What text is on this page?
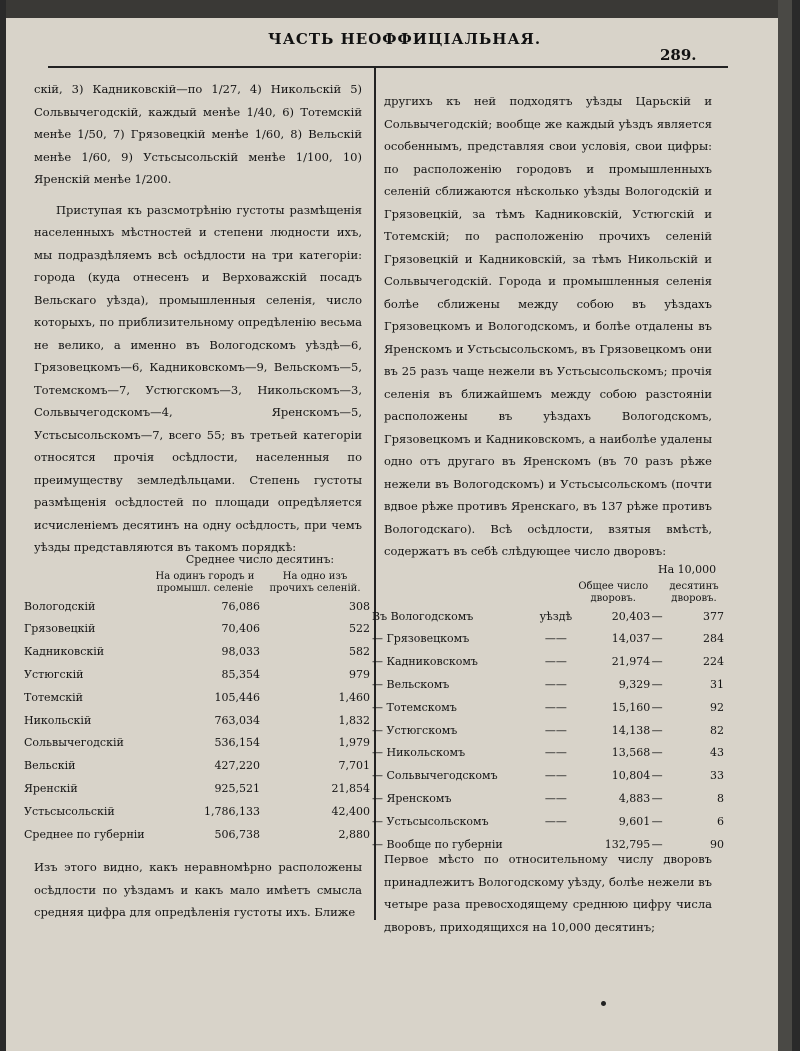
ЧАСТЬ НЕОФФИЦІАЛЬНАЯ.
289.

скій, 3) Кадниковскій—по 1/27, 4) Никольскій 5) Сольвычегодскій, каждый менѣе 1/40, 6) Тотемскій менѣе 1/50, 7) Грязовецкій менѣе 1/60, 8) Вельскій менѣе 1/60, 9) Устьсысольскій менѣе 1/100, 10) Яренскій менѣе 1/200.

Приступая къ разсмотрѣнію густоты размѣщенія населенныхъ мѣстностей и степени людности ихъ, мы подраздѣляемъ всѣ осѣдлости на три категоріи: города (куда отнесенъ и Верховажскій посадъ Вельскаго уѣзда), промышленныя селенія, число которыхъ, по приблизительному опредѣленію весьма не велико, а именно въ Вологодскомъ уѣздѣ—6, Грязовецкомъ—6, Кадниковскомъ—9, Вельскомъ—5, Тотемскомъ—7, Устюгскомъ—3, Никольскомъ—3, Сольвычегодскомъ—4, Яренскомъ—5, Устьсысольскомъ—7, всего 55; въ третьей категоріи относятся прочія осѣдлости, населенныя по преимуществу земледѣльцами. Степень густоты размѣщенія осѣдлостей по площади опредѣляется исчисленіемъ десятинъ на одну осѣдлость, при чемъ уѣзды представляются въ такомъ порядкѣ:

	Среднее число десятинъ:	
	На одинъ городъ и промышл. селеніе	На одно изъ прочихъ селеній.
Вологодскій	76,086	308
Грязовецкій	70,406	522
Кадниковскій	98,033	582
Устюгскій	85,354	979
Тотемскій	105,446	1,460
Никольскій	763,034	1,832
Сольвычегодскій	536,154	1,979
Вельскій	427,220	7,701
Яренскій	925,521	21,854
Устьсысольскій	1,786,133	42,400
Среднее по губерніи	506,738	2,880
Изъ этого видно, какъ неравномѣрно расположены осѣдлости по уѣздамъ и какъ мало имѣетъ смысла средняя цифра для опредѣленія густоты ихъ. Ближе

другихъ къ ней подходятъ уѣзды Царьскій и Сольвычегодскій; вообще же каждый уѣздъ является особеннымъ, представляя свои условія, свои цифры: по расположенію городовъ и промышленныхъ селеній сближаются нѣсколько уѣзды Вологодскій и Грязовецкій, за тѣмъ Кадниковскій, Устюгскій и Тотемскій; по расположенію прочихъ селеній Грязовецкій и Кадниковскій, за тѣмъ Никольскій и Сольвычегодскій. Города и промышленныя селенія болѣе сближены между собою въ уѣздахъ Грязовецкомъ и Вологодскомъ, и болѣе отдалены въ Яренскомъ и Устьсысольскомъ, въ Грязовецкомъ они въ 25 разъ чаще нежели въ Устьсысольскомъ; прочія селенія въ ближайшемъ между собою разстояніи расположены въ уѣздахъ Вологодскомъ, Грязовецкомъ и Кадниковскомъ, а наиболѣе удалены одно отъ другаго въ Яренскомъ (въ 70 разъ рѣже нежели въ Вологодскомъ) и Устьсысольскомъ (почти вдвое рѣже противъ Яренскаго, въ 137 рѣже противъ Вологодскаго). Всѣ осѣдлости, взятыя вмѣстѣ, содержатъ въ себѣ слѣдующее число дворовъ:

			На 10,000	
		Общее число дворовъ.		десятинъ дворовъ.
Въ Вологодскомъ	уѣздѣ	20,403	—	377
— Грязовецкомъ	——	14,037	—	284
— Кадниковскомъ	——	21,974	—	224
— Вельскомъ	——	9,329	—	31
— Тотемскомъ	——	15,160	—	92
— Устюгскомъ	——	14,138	—	82
— Никольскомъ	——	13,568	—	43
— Сольвычегодскомъ	——	10,804	—	33
— Яренскомъ	——	4,883	—	8
— Устьсысольскомъ	——	9,601	—	6
— Вообще по губерніи		132,795	—	90
Первое мѣсто по относительному числу дворовъ принадлежитъ Вологодскому уѣзду, болѣе нежели въ четыре раза превосходящему среднюю цифру числа дворовъ, приходящихся на 10,000 десятинъ;
